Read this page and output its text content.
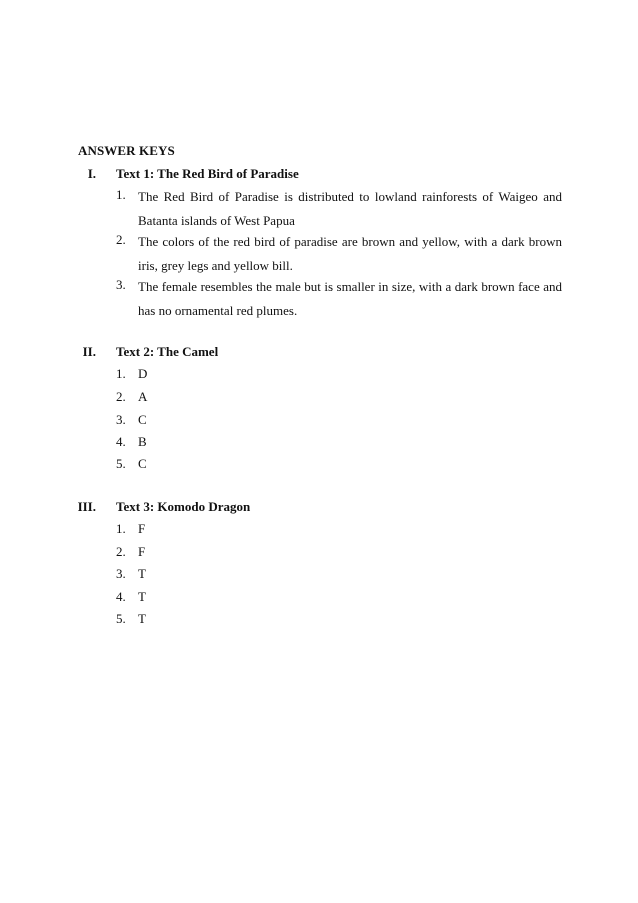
ANSWER KEYS
I. Text 1: The Red Bird of Paradise
1. The Red Bird of Paradise is distributed to lowland rainforests of Waigeo and
Batanta islands of West Papua
2. The colors of the red bird of paradise are brown and yellow, with a dark brown
iris, grey legs and yellow bill.
3. The female resembles the male but is smaller in size, with a dark brown face and
has no ornamental red plumes.
II. Text 2: The Camel
1. D
2. A
3. C
4. B
5. C
III. Text 3: Komodo Dragon
1. F
2. F
3. T
4. T
5. T
